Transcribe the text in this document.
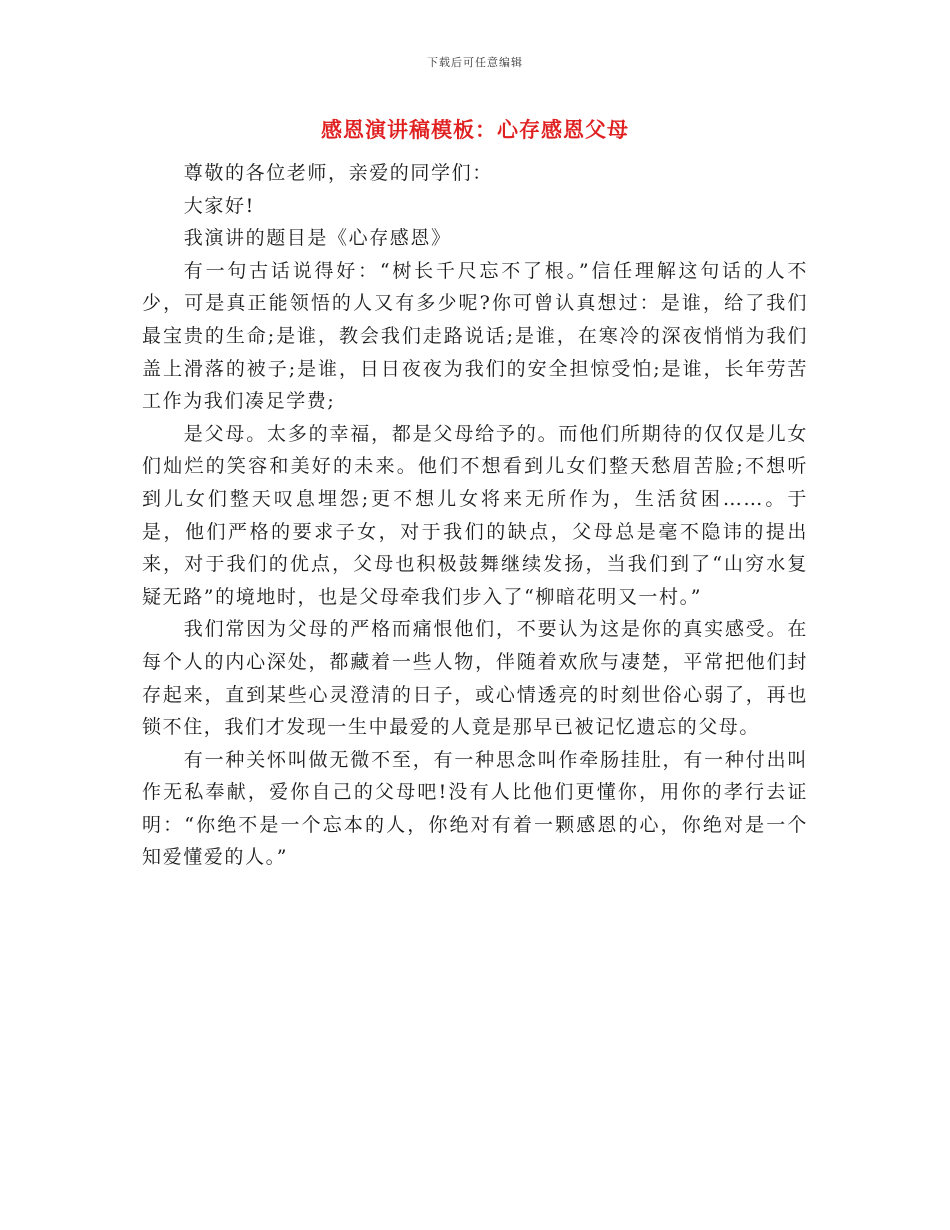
下载后可任意编辑
感恩演讲稿模板：心存感恩父母

尊敬的各位老师，亲爱的同学们：

大家好!

我演讲的题目是《心存感恩》

有一句古话说得好：“树长千尺忘不了根。”信任理解这句话的人不少，可是真正能领悟的人又有多少呢?你可曾认真想过：是谁，给了我们最宝贵的生命;是谁，教会我们走路说话;是谁，在寒冷的深夜悄悄为我们盖上滑落的被子;是谁，日日夜夜为我们的安全担惊受怕;是谁，长年劳苦工作为我们凑足学费;

是父母。太多的幸福，都是父母给予的。而他们所期待的仅仅是儿女们灿烂的笑容和美好的未来。他们不想看到儿女们整天愁眉苦脸;不想听到儿女们整天叹息埋怨;更不想儿女将来无所作为，生活贫困……。于是，他们严格的要求子女，对于我们的缺点，父母总是毫不隐讳的提出来，对于我们的优点，父母也积极鼓舞继续发扬，当我们到了“山穷水复疑无路”的境地时，也是父母牵我们步入了“柳暗花明又一村。”

我们常因为父母的严格而痛恨他们，不要认为这是你的真实感受。在每个人的内心深处，都藏着一些人物，伴随着欢欣与凄楚，平常把他们封存起来，直到某些心灵澄清的日子，或心情透亮的时刻世俗心弱了，再也锁不住，我们才发现一生中最爱的人竟是那早已被记忆遗忘的父母。

有一种关怀叫做无微不至，有一种思念叫作牵肠挂肚，有一种付出叫作无私奉献，爱你自己的父母吧!没有人比他们更懂你，用你的孝行去证明：“你绝不是一个忘本的人，你绝对有着一颗感恩的心，你绝对是一个知爱懂爱的人。”
